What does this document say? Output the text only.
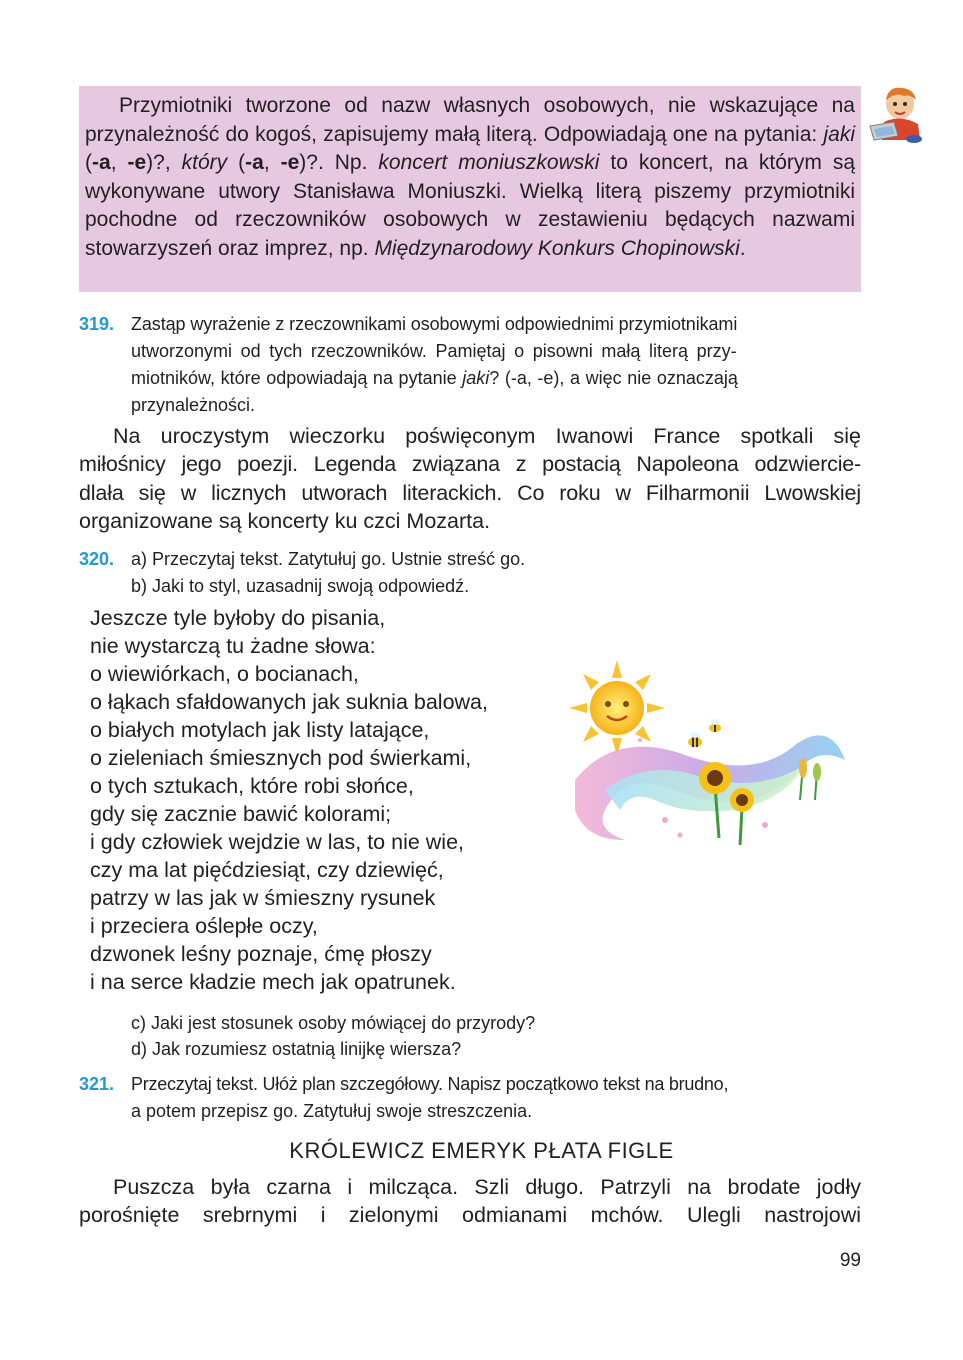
Przymiotniki tworzone od nazw własnych osobowych, nie wskazujące na przynależność do kogoś, zapisujemy małą literą. Odpowiadają one na pytania: jaki (-a, -e)?, który (-a, -e)?. Np. koncert moniuszkowski to koncert, na którym są wykonywane utwory Stanisława Moniuszki. Wielką literą piszemy przymiotniki pochodne od rzeczowników osobowych w zestawieniu będących nazwami stowarzyszeń oraz imprez, np. Międzynarodowy Konkurs Chopinowski.

319. Zastąp wyrażenie z rzeczownikami osobowymi odpowiednimi przymiotnikami
utworzonymi od tych rzeczowników. Pamiętaj o pisowni małą literą przy-
miotników, które odpowiadają na pytanie jaki? (-a, -e), a więc nie oznaczają
przynależności.
Na uroczystym wieczorku poświęconym Iwanowi France spotkali się
miłośnicy jego poezji. Legenda związana z postacią Napoleona odzwiercie-
dlała się w licznych utworach literackich. Co roku w Filharmonii Lwowskiej
organizowane są koncerty ku czci Mozarta.
320. a) Przeczytaj tekst. Zatytułuj go. Ustnie streść go.
b) Jaki to styl, uzasadnij swoją odpowiedź.
Jeszcze tyle byłoby do pisania,
nie wystarczą tu żadne słowa:
o wiewiórkach, o bocianach,
o łąkach sfałdowanych jak suknia balowa,
o białych motylach jak listy latające,
o zieleniach śmiesznych pod świerkami,
o tych sztukach, które robi słońce,
gdy się zacznie bawić kolorami;
i gdy człowiek wejdzie w las, to nie wie,
czy ma lat pięćdziesiąt, czy dziewięć,
patrzy w las jak w śmieszny rysunek
i przeciera oślepłe oczy,
dzwonek leśny poznaje, ćmę płoszy
i na serce kładzie mech jak opatrunek.
c) Jaki jest stosunek osoby mówiącej do przyrody?
d) Jak rozumiesz ostatnią linijkę wiersza?
321. Przeczytaj tekst. Ułóż plan szczegółowy. Napisz początkowo tekst na brudno,
a potem przepisz go. Zatytułuj swoje streszczenia.
KRÓLEWICZ EMERYK PŁATA FIGLE
Puszcza była czarna i milcząca. Szli długo. Patrzyli na brodate jodły
porośnięte srebrnymi i zielonymi odmianami mchów. Ulegli nastrojowi
99
